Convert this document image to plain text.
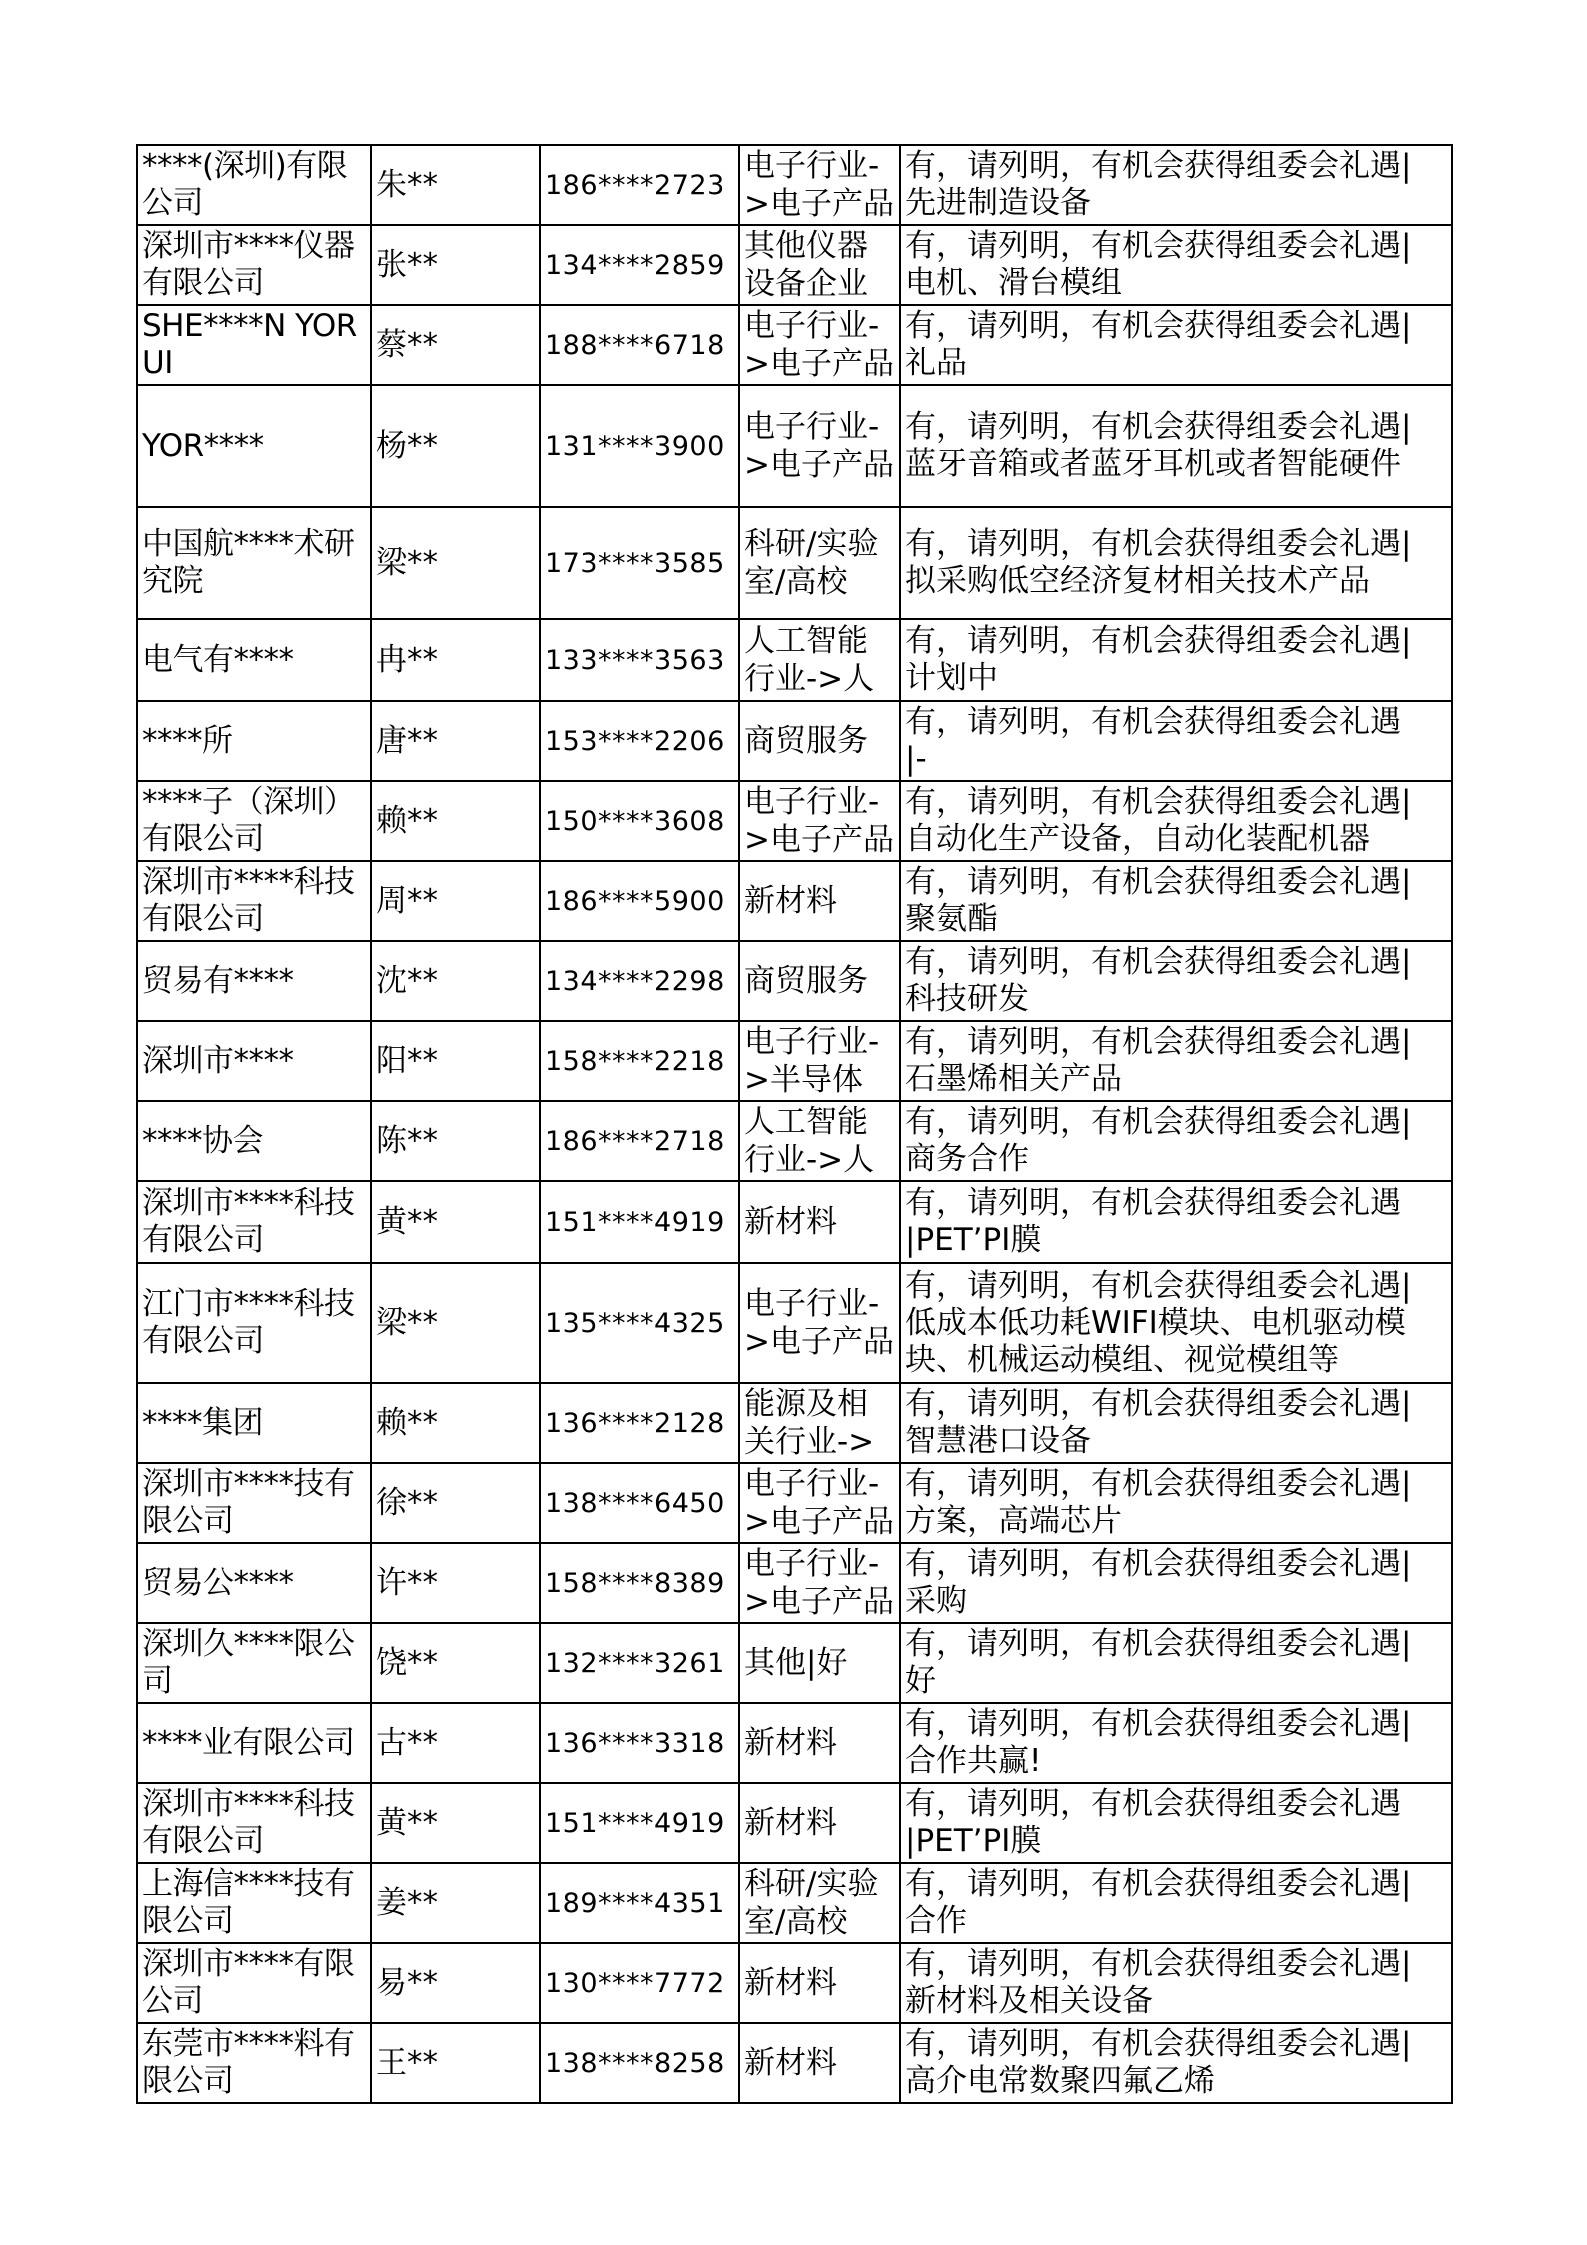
****(深圳)有限公司	朱**	186****2723	电子行业->电子产品	有，请列明，有机会获得组委会礼遇|
先进制造设备

深圳市****仪器有限公司	张**	134****2859	其他仪器设备企业	有，请列明，有机会获得组委会礼遇|
电机、滑台模组

SHE****N YORUI	蔡**	188****6718	电子行业->电子产品	有，请列明，有机会获得组委会礼遇|
礼品

YOR****	杨**	131****3900	电子行业->电子产品	有，请列明，有机会获得组委会礼遇|
蓝牙音箱或者蓝牙耳机或者智能硬件

中国航****术研究院	梁**	173****3585	科研/实验室/高校	有，请列明，有机会获得组委会礼遇|
拟采购低空经济复材相关技术产品

电气有****	冉**	133****3563	人工智能行业->人	有，请列明，有机会获得组委会礼遇|
计划中

****所	唐**	153****2206	商贸服务	有，请列明，有机会获得组委会礼遇
|-

****子（深圳）有限公司	赖**	150****3608	电子行业->电子产品	有，请列明，有机会获得组委会礼遇|
自动化生产设备，自动化装配机器

深圳市****科技有限公司	周**	186****5900	新材料	有，请列明，有机会获得组委会礼遇|
聚氨酯

贸易有****	沈**	134****2298	商贸服务	有，请列明，有机会获得组委会礼遇|
科技研发

深圳市****	阳**	158****2218	电子行业->半导体	有，请列明，有机会获得组委会礼遇|
石墨烯相关产品

****协会	陈**	186****2718	人工智能行业->人	有，请列明，有机会获得组委会礼遇|
商务合作

深圳市****科技有限公司	黄**	151****4919	新材料	有，请列明，有机会获得组委会礼遇
|PET’PI膜

江门市****科技有限公司	梁**	135****4325	电子行业->电子产品	有，请列明，有机会获得组委会礼遇|
低成本低功耗WIFI模块、电机驱动模
块、机械运动模组、视觉模组等

****集团	赖**	136****2128	能源及相关行业->	有，请列明，有机会获得组委会礼遇|
智慧港口设备

深圳市****技有限公司	徐**	138****6450	电子行业->电子产品	有，请列明，有机会获得组委会礼遇|
方案，高端芯片

贸易公****	许**	158****8389	电子行业->电子产品	有，请列明，有机会获得组委会礼遇|
采购

深圳久****限公司	饶**	132****3261	其他|好	有，请列明，有机会获得组委会礼遇|
好

****业有限公司	古**	136****3318	新材料	有，请列明，有机会获得组委会礼遇|
合作共赢!

深圳市****科技有限公司	黄**	151****4919	新材料	有，请列明，有机会获得组委会礼遇
|PET’PI膜

上海信****技有限公司	姜**	189****4351	科研/实验室/高校	有，请列明，有机会获得组委会礼遇|
合作

深圳市****有限公司	易**	130****7772	新材料	有，请列明，有机会获得组委会礼遇|
新材料及相关设备

东莞市****料有限公司	王**	138****8258	新材料	有，请列明，有机会获得组委会礼遇|
高介电常数聚四氟乙烯
